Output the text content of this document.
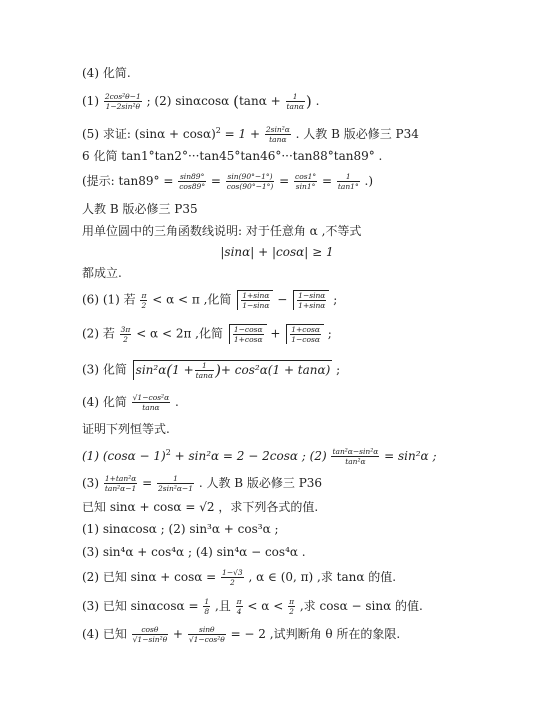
(4) 化简.
$(1) \frac{\text{2cos²θ−1}}{\text{1−2sin²θ}}$ ; (2) sinαcosα ($\tan\alpha + \frac{1}{\tan\alpha}$ ) .
(5) 求证: $(\sin\alpha + \cos\alpha)^2 = 1 + \frac{\text{2sin²α}}{\tan\alpha}$ . 人教 B 版必修三 P34
6 化简 tan1°tan2°···tan45°tan46°···tan88°tan89° .
(提示: $\tan 89^\circ = \frac{\sin 89^\circ}{\cos 89^\circ} = \frac{\sin(90^\circ-1^\circ)}{\cos(90^\circ-1^\circ)} = \frac{\cos 1^\circ}{\sin 1^\circ} = \frac{1}{\tan 1^\circ}$ .)
人教 B 版必修三 P35
用单位圆中的三角函数线说明: 对于任意角 α ,不等式
|sinα| + |cosα| ≥ 1
都成立.
(6) (1) 若 $\frac{\pi}{2} < \alpha < \pi$ ,化简 $\frac{1+\sin\alpha}{1-\sin\alpha} - \frac{1-\sin\alpha}{1+\sin\alpha}$ ;
(2) 若 $\frac{3\pi}{2} < \alpha < 2\pi$ ,化简 $\frac{1-\cos\alpha}{1+\cos\alpha} + \frac{1+\cos\alpha}{1-\cos\alpha}$ ;
(3) 化简 $\sin^2\alpha(1 + \frac{1}{\tan\alpha}$ )+ cos²α(1 + tanα) ;
(4) 化简 $\frac{\text{√1−cos²α}}{\tan\alpha}$ .
证明下列恒等式.
(1) $(\cos\alpha - 1)^2 + \sin^2\alpha = 2 - 2\cos\alpha$ ; $(2) \frac{\text{tan²α−sin²α}}{\text{tan²α}} = \sin^2\alpha$ ;
$(3) \frac{\text{1+tan²α}}{\text{tan²α−1}} = \frac{1}{\text{2sin²α−1}}$ . 人教 B 版必修三 P36
已知 sinα + cosα = √2 ，求下列各式的值.
(1) sinαcosα ; (2) sin³α + cos³α ;
(3) sin⁴α + cos⁴α ; (4) sin⁴α − cos⁴α .
(2) 已知 $\sin\alpha + \cos\alpha = \frac{1-√3}{2}$ , α ∈ (0, π) ,求 tanα 的值.
(3) 已知 $\sin\alpha\cos\alpha = \frac{1}{8}$ ,且 $\frac{\pi}{4} < \alpha < \frac{\pi}{2}$ ,求 cosα − sinα 的值.
(4) 已知 $\frac{\cos\theta}{\text{√1−sin²θ}} + \frac{\sin\theta}{\text{√1−cos²θ}}$ = − 2 ,试判断角 θ 所在的象限.
